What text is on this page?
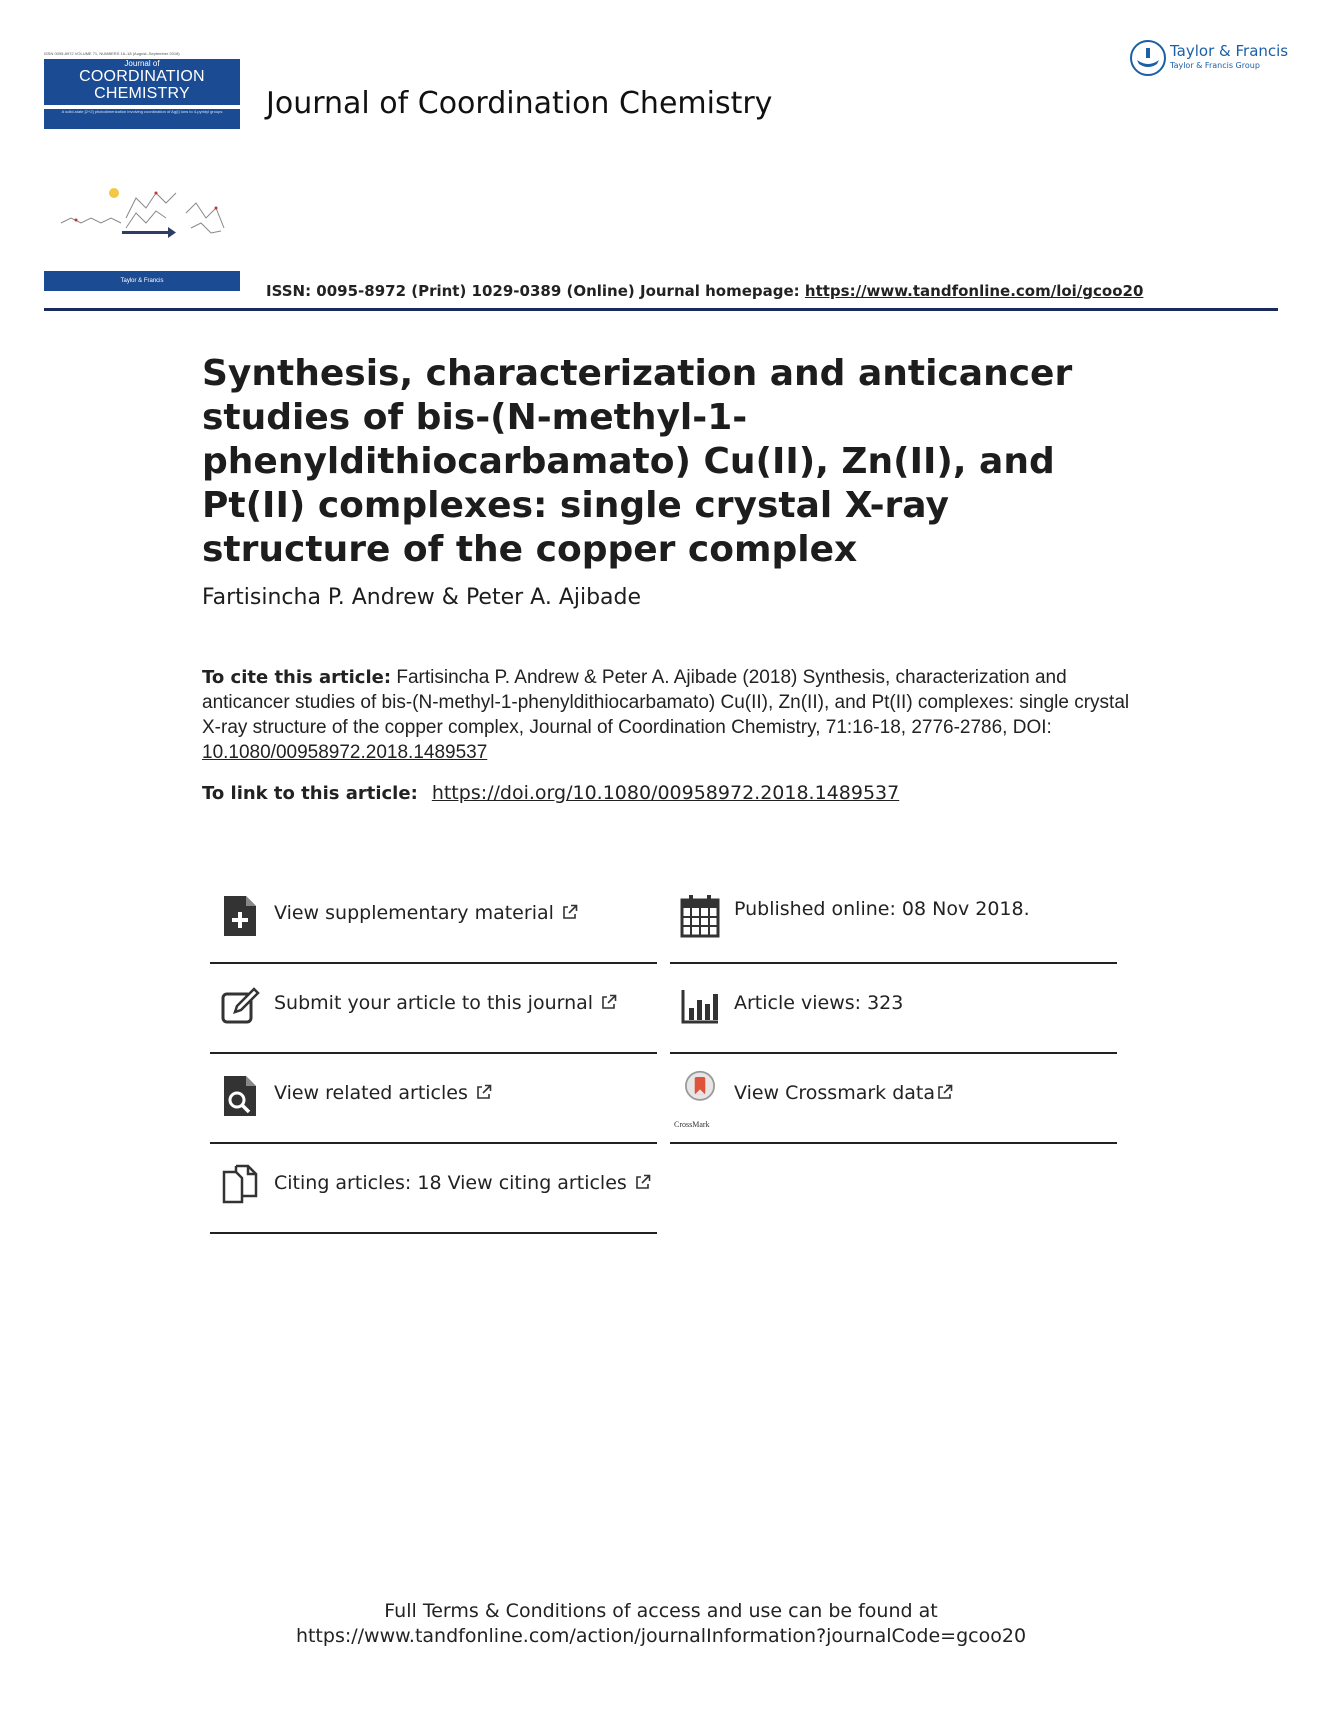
ISSN 0095-8972 VOLUME 71, NUMBERS 16–18 (August–September 2018)
Journal of
COORDINATION
CHEMISTRY
A solid-state [2+2] photodimerization involving coordination of Ag(I) ions to 4-pyridyl groups
Taylor & Francis
Journal of Coordination Chemistry
Taylor & Francis
Taylor & Francis Group
ISSN: 0095-8972 (Print) 1029-0389 (Online) Journal homepage: https://www.tandfonline.com/loi/gcoo20
Synthesis, characterization and anticancer studies of bis-(N-methyl-1-phenyldithiocarbamato) Cu(II), Zn(II), and Pt(II) complexes: single crystal X-ray structure of the copper complex
Fartisincha P. Andrew & Peter A. Ajibade
To cite this article: Fartisincha P. Andrew & Peter A. Ajibade (2018) Synthesis, characterization and anticancer studies of bis-(N-methyl-1-phenyldithiocarbamato) Cu(II), Zn(II), and Pt(II) complexes: single crystal X-ray structure of the copper complex, Journal of Coordination Chemistry, 71:16-18, 2776-2786, DOI: 10.1080/00958972.2018.1489537
To link to this article: https://doi.org/10.1080/00958972.2018.1489537
View supplementary material	Published online: 08 Nov 2018.
Submit your article to this journal	Article views: 323
View related articles
CrossMark
View Crossmark data
Citing articles: 18 View citing articles
Full Terms & Conditions of access and use can be found at
https://www.tandfonline.com/action/journalInformation?journalCode=gcoo20
